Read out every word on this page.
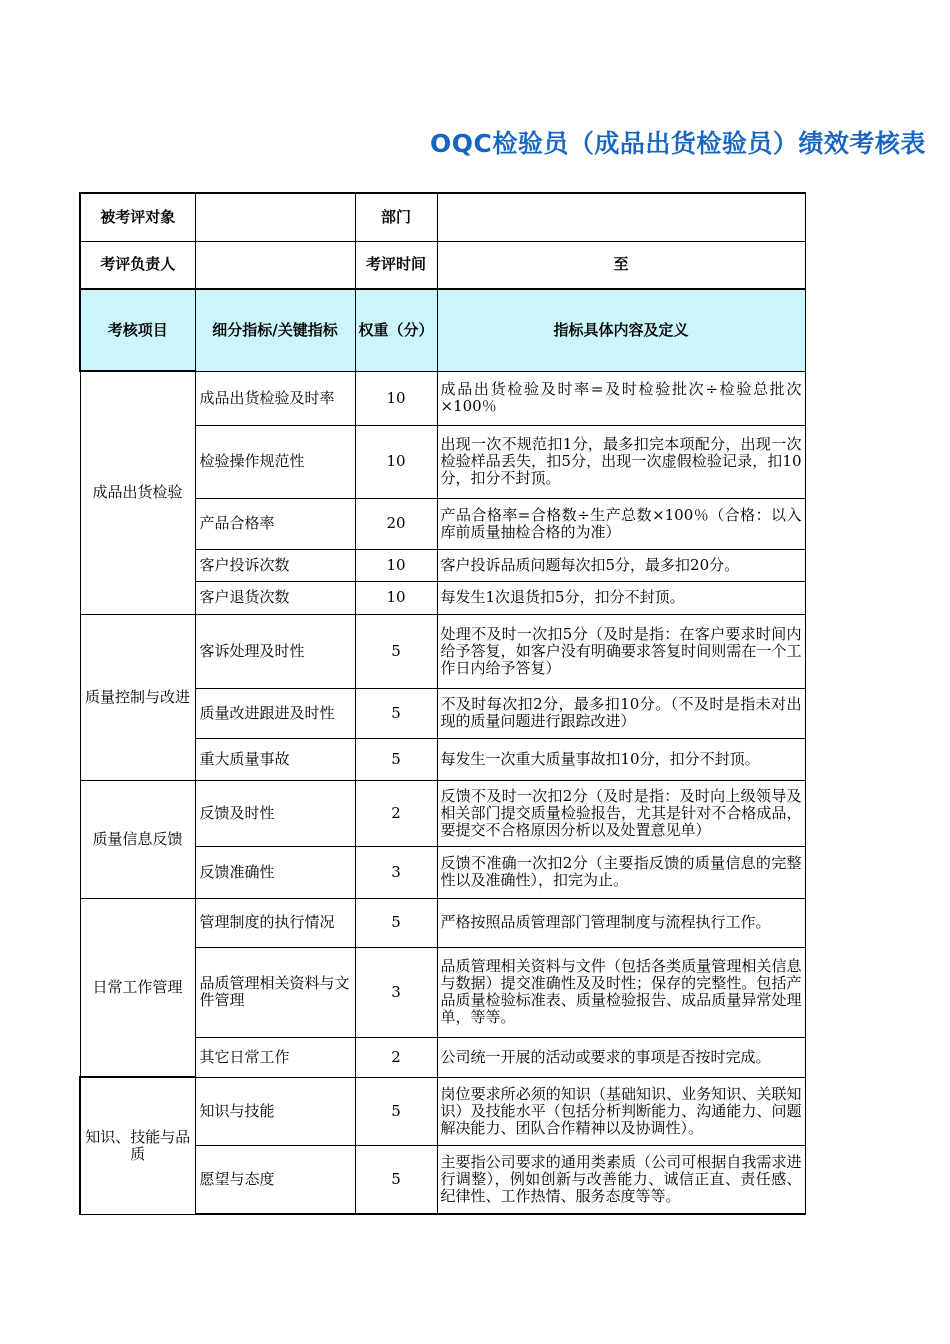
OQC检验员（成品出货检验员）绩效考核表
被考评对象		部门	
考评负责人		考评时间	至
考核项目	细分指标/关键指标	权重（分）	指标具体内容及定义
成品出货检验	成品出货检验及时率	10	成品出货检验及时率=及时检验批次÷检验总批次×100％
	检验操作规范性	10	出现一次不规范扣1分，最多扣完本项配分，出现一次检验样品丢失，扣5分，出现一次虚假检验记录，扣10分，扣分不封顶。
	产品合格率	20	产品合格率=合格数÷生产总数×100％（合格：以入库前质量抽检合格的为准）
	客户投诉次数	10	客户投诉品质问题每次扣5分，最多扣20分。
	客户退货次数	10	每发生1次退货扣5分，扣分不封顶。
质量控制与改进	客诉处理及时性	5	处理不及时一次扣5分（及时是指：在客户要求时间内给予答复，如客户没有明确要求答复时间则需在一个工作日内给予答复）
	质量改进跟进及时性	5	不及时每次扣2分，最多扣10分。（不及时是指未对出现的质量问题进行跟踪改进）
	重大质量事故	5	每发生一次重大质量事故扣10分，扣分不封顶。
质量信息反馈	反馈及时性	2	反馈不及时一次扣2分（及时是指：及时向上级领导及相关部门提交质量检验报告，尤其是针对不合格成品，要提交不合格原因分析以及处置意见单）
	反馈准确性	3	反馈不准确一次扣2分（主要指反馈的质量信息的完整性以及准确性），扣完为止。
日常工作管理	管理制度的执行情况	5	严格按照品质管理部门管理制度与流程执行工作。
	品质管理相关资料与文件管理	3	品质管理相关资料与文件（包括各类质量管理相关信息与数据）提交准确性及及时性；保存的完整性。包括产品质量检验标准表、质量检验报告、成品质量异常处理单，等等。
	其它日常工作	2	公司统一开展的活动或要求的事项是否按时完成。
知识、技能与品质	知识与技能	5	岗位要求所必须的知识（基础知识、业务知识、关联知识）及技能水平（包括分析判断能力、沟通能力、问题解决能力、团队合作精神以及协调性）。
	愿望与态度	5	主要指公司要求的通用类素质（公司可根据自我需求进行调整），例如创新与改善能力、诚信正直、责任感、纪律性、工作热情、服务态度等等。
